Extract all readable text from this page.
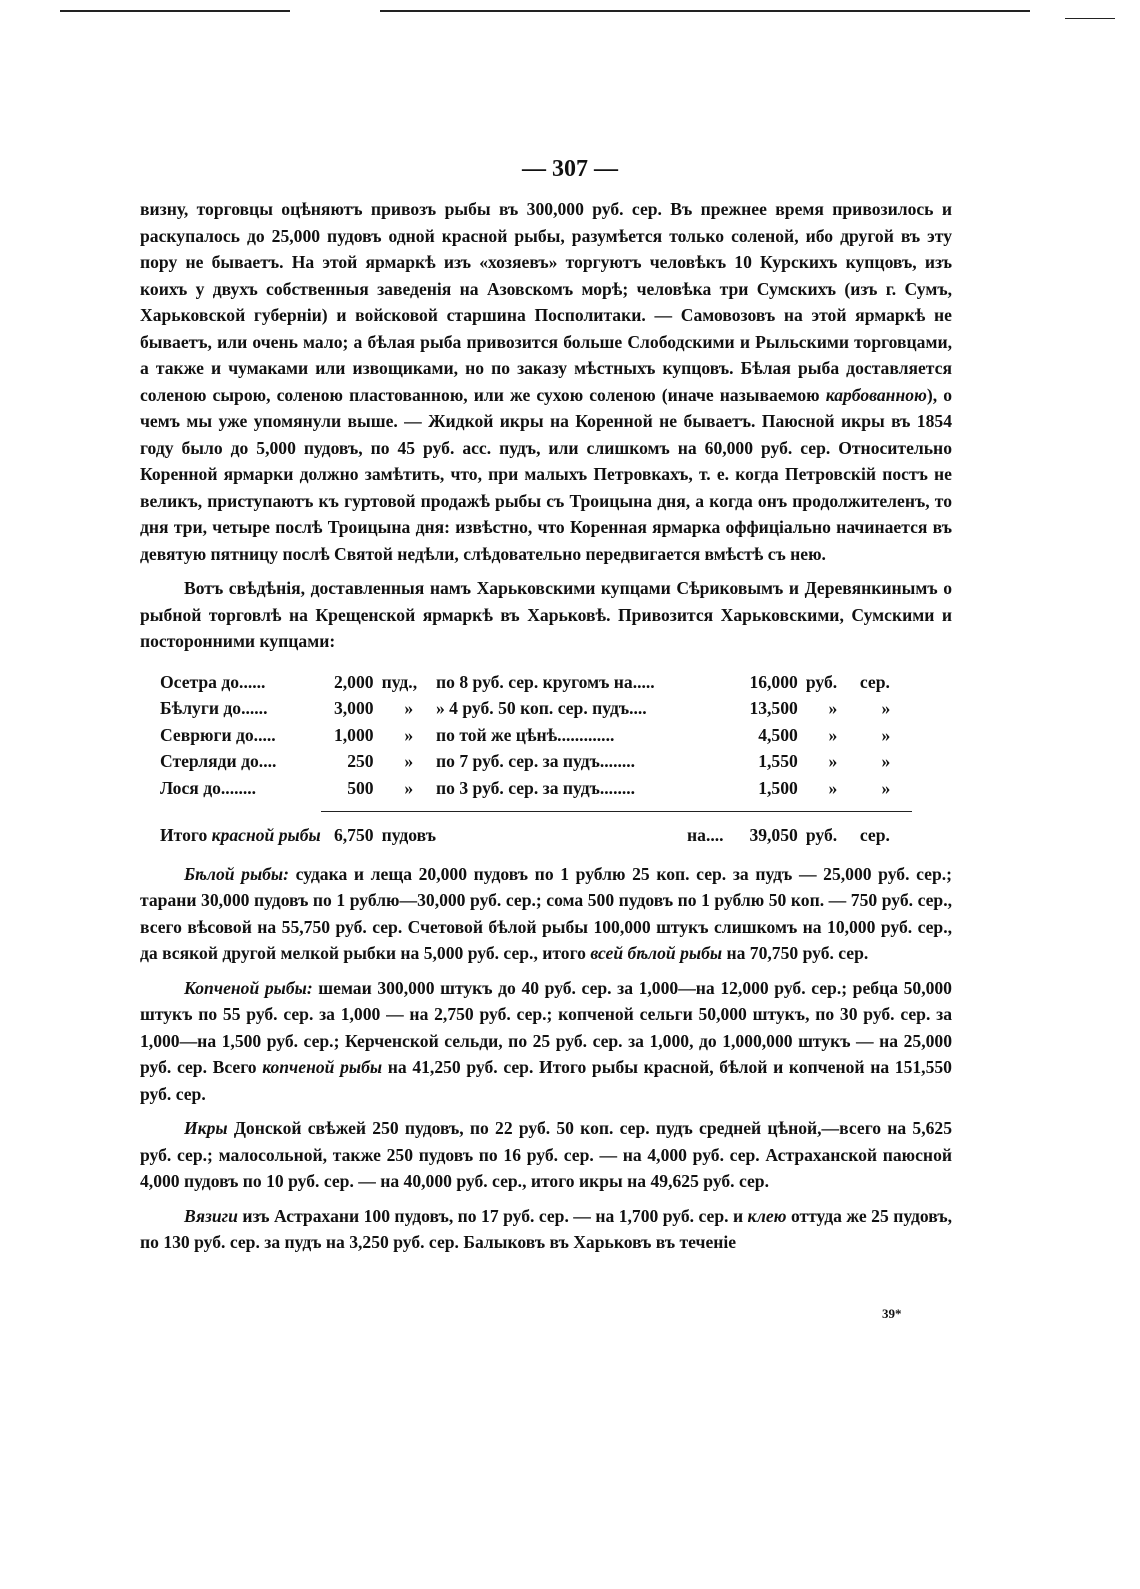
— 307 —

визну, торговцы оцѣняютъ привозъ рыбы въ 300,000 руб. сер. Въ прежнее время привозилось и раскупалось до 25,000 пудовъ одной красной рыбы, разумѣется только соленой, ибо другой въ эту пору не бываетъ. На этой ярмаркѣ изъ «хозяевъ» торгуютъ человѣкъ 10 Курскихъ купцовъ, изъ коихъ у двухъ собственныя заведенія на Азовскомъ морѣ; человѣка три Сумскихъ (изъ г. Сумъ, Харьковской губерніи) и войсковой старшина Посполитаки. — Самовозовъ на этой ярмаркѣ не бываетъ, или очень мало; а бѣлая рыба привозится больше Слободскими и Рыльскими торговцами, а также и чумаками или извощиками, но по заказу мѣстныхъ купцовъ. Бѣлая рыба доставляется соленою сырою, соленою пластованною, или же сухою соленою (иначе называемою карбованною), о чемъ мы уже упомянули выше. — Жидкой икры на Коренной не бываетъ. Паюсной икры въ 1854 году было до 5,000 пудовъ, по 45 руб. асс. пудъ, или слишкомъ на 60,000 руб. сер. Относительно Коренной ярмарки должно замѣтить, что, при малыхъ Петровкахъ, т. е. когда Петровскій постъ не великъ, приступаютъ къ гуртовой продажѣ рыбы съ Троицына дня, а когда онъ продолжителенъ, то дня три, четыре послѣ Троицына дня: извѣстно, что Коренная ярмарка оффиціально начинается въ девятую пятницу послѣ Святой недѣли, слѣдовательно передвигается вмѣстѣ съ нею.

Вотъ свѣдѣнія, доставленныя намъ Харьковскими купцами Сѣриковымъ и Деревянкинымъ о рыбной торговлѣ на Крещенской ярмаркѣ въ Харьковѣ. Привозится Харьковскими, Сумскими и посторонними купцами:

Осетра до......	2,000	пуд.,	по 8 руб. сер. кругомъ на.....	16,000	руб.	сер.
Бѣлуги до......	3,000	»	» 4 руб. 50 коп. сер. пудъ....	13,500	»	»
Севрюги до.....	1,000	»	по той же цѣнѣ.............	4,500	»	»
Стерляди до....	250	»	по 7 руб. сер. за пудъ........	1,550	»	»
Лося до........	500	»	по 3 руб. сер. за пудъ........	1,500	»	»

Итого красной рыбы	6,750	пудовъ	на....	39,050	руб.	сер.

Бѣлой рыбы: судака и леща 20,000 пудовъ по 1 рублю 25 коп. сер. за пудъ — 25,000 руб. сер.; тарани 30,000 пудовъ по 1 рублю—30,000 руб. сер.; сома 500 пудовъ по 1 рублю 50 коп. — 750 руб. сер., всего вѣсовой на 55,750 руб. сер. Счетовой бѣлой рыбы 100,000 штукъ слишкомъ на 10,000 руб. сер., да всякой другой мелкой рыбки на 5,000 руб. сер., итого всей бѣлой рыбы на 70,750 руб. сер.

Копченой рыбы: шемаи 300,000 штукъ до 40 руб. сер. за 1,000—на 12,000 руб. сер.; ребца 50,000 штукъ по 55 руб. сер. за 1,000 — на 2,750 руб. сер.; копченой сельги 50,000 штукъ, по 30 руб. сер. за 1,000—на 1,500 руб. сер.; Керченской сельди, по 25 руб. сер. за 1,000, до 1,000,000 штукъ — на 25,000 руб. сер. Всего копченой рыбы на 41,250 руб. сер. Итого рыбы красной, бѣлой и копченой на 151,550 руб. сер.

Икры Донской свѣжей 250 пудовъ, по 22 руб. 50 коп. сер. пудъ средней цѣной,—всего на 5,625 руб. сер.; малосольной, также 250 пудовъ по 16 руб. сер. — на 4,000 руб. сер. Астраханской паюсной 4,000 пудовъ по 10 руб. сер. — на 40,000 руб. сер., итого икры на 49,625 руб. сер.

Вязиги изъ Астрахани 100 пудовъ, по 17 руб. сер. — на 1,700 руб. сер. и клею оттуда же 25 пудовъ, по 130 руб. сер. за пудъ на 3,250 руб. сер. Балыковъ въ Харьковъ въ теченіе

39*
